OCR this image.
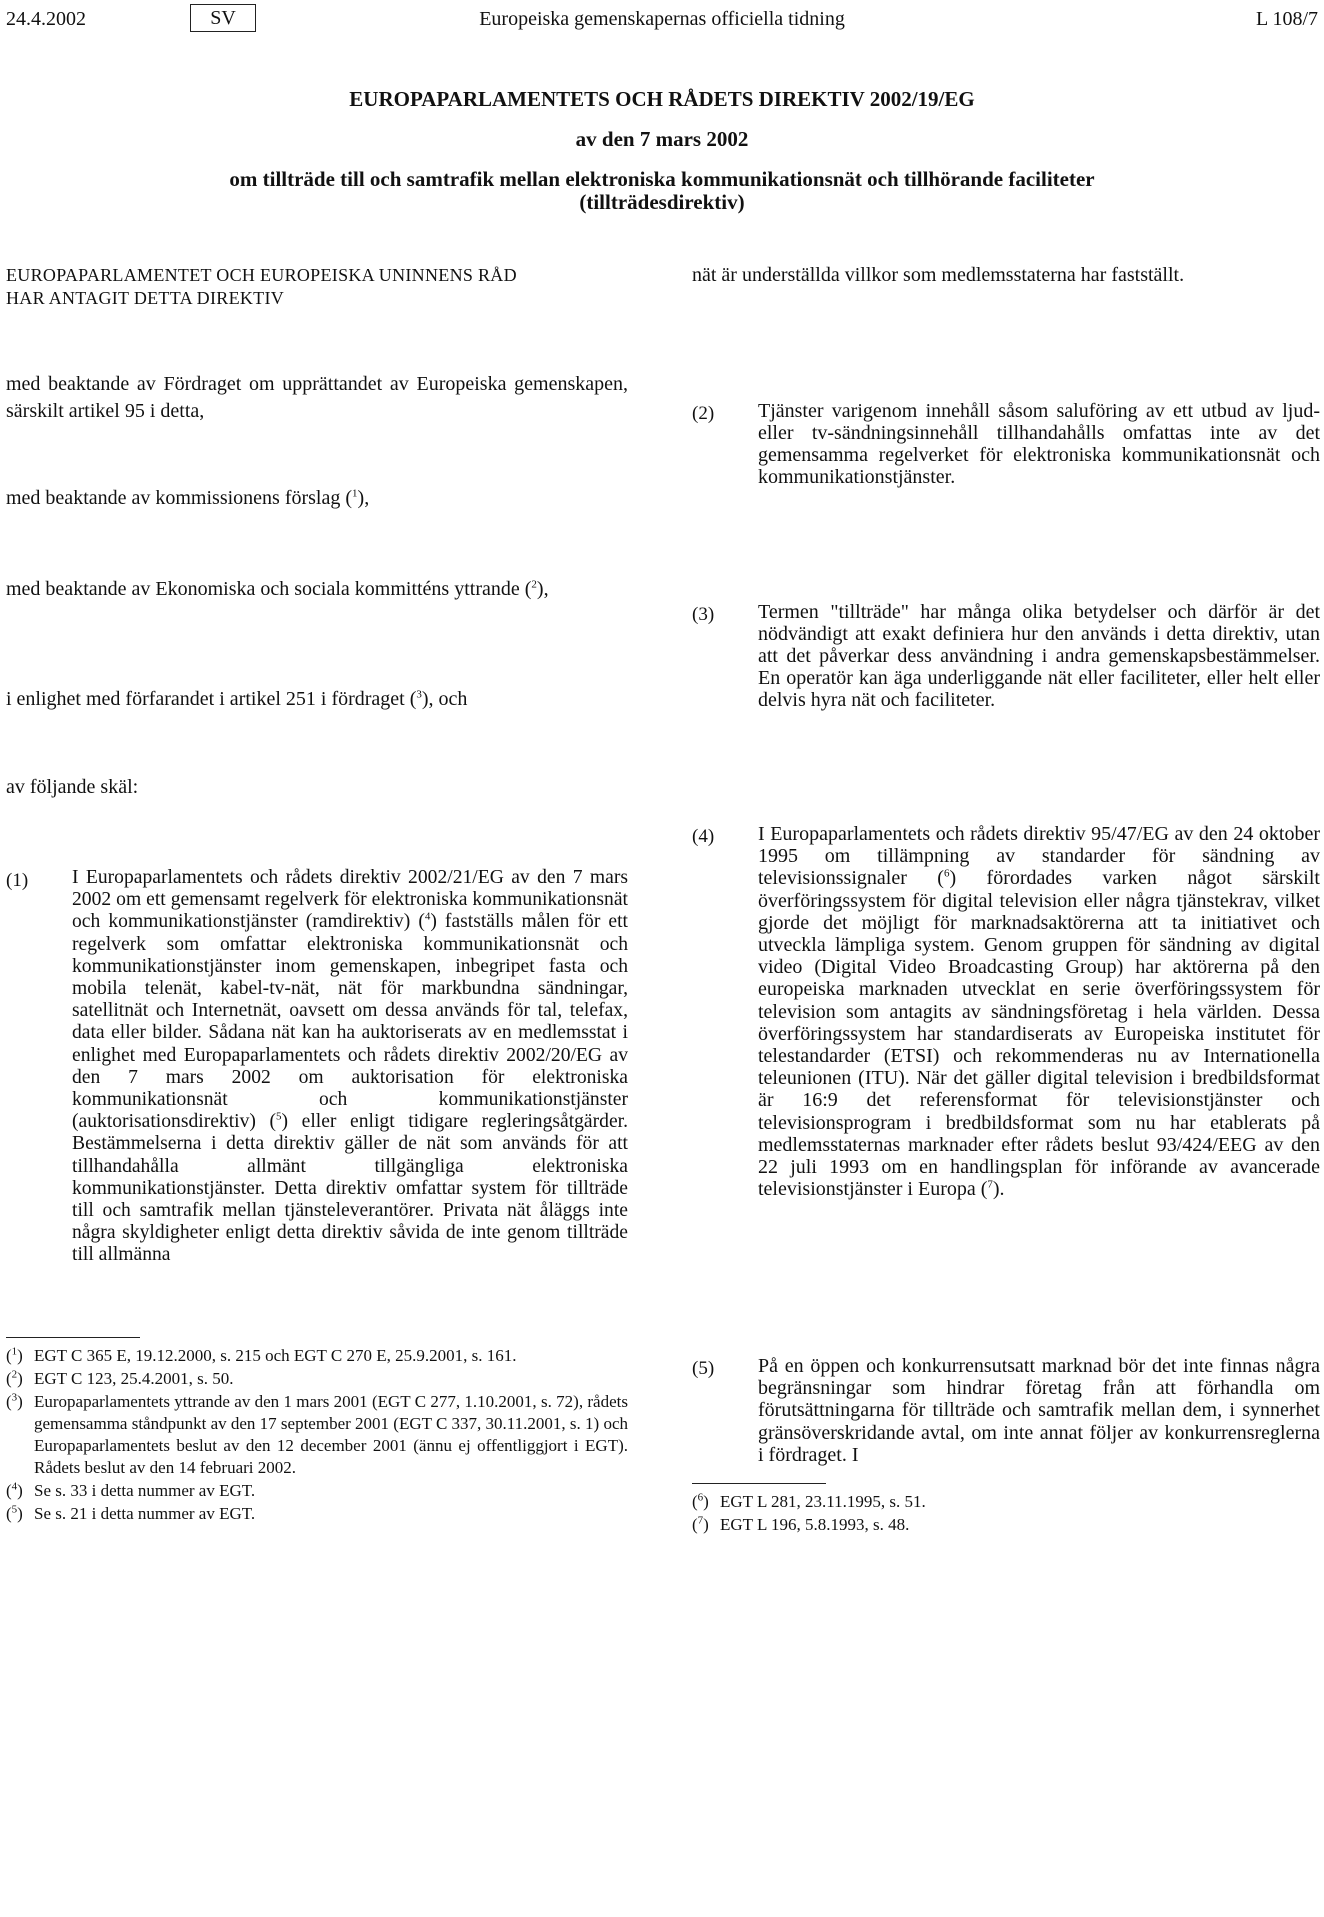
24.4.2002	SV	Europeiska gemenskapernas officiella tidning	L 108/7
EUROPAPARLAMENTETS OCH RÅDETS DIREKTIV 2002/19/EG
av den 7 mars 2002
om tillträde till och samtrafik mellan elektroniska kommunikationsnät och tillhörande faciliteter
(tillträdesdirektiv)
EUROPAPARLAMENTET OCH EUROPEISKA UNINNENS RÅD
HAR ANTAGIT DETTA DIREKTIV
med beaktande av Fördraget om upprättandet av Europeiska gemenskapen, särskilt artikel 95 i detta,
med beaktande av kommissionens förslag ($^1$),
med beaktande av Ekonomiska och sociala kommitténs yttrande ($^2$),
i enlighet med förfarandet i artikel 251 i fördraget ($^3$), och
av följande skäl:
(1)	I Europaparlamentets och rådets direktiv 2002/21/EG av den 7 mars 2002 om ett gemensamt regelverk för elektroniska kommunikationsnät och kommunikationstjänster (ramdirektiv) ($^4$) fastställs målen för ett regelverk som omfattar elektroniska kommunikationsnät och kommunikationstjänster inom gemenskapen, inbegripet fasta och mobila telenät, kabel-tv-nät, nät för markbundna sändningar, satellitnät och Internetnät, oavsett om dessa används för tal, telefax, data eller bilder. Sådana nät kan ha auktoriserats av en medlemsstat i enlighet med Europaparlamentets och rådets direktiv 2002/20/EG av den 7 mars 2002 om auktorisation för elektroniska kommunikationsnät och kommunikationstjänster (auktorisationsdirektiv) ($^5$) eller enligt tidigare regleringsåtgärder. Bestämmelserna i detta direktiv gäller de nät som används för att tillhandahålla allmänt tillgängliga elektroniska kommunikationstjänster. Detta direktiv omfattar system för tillträde till och samtrafik mellan tjänsteleverantörer. Privata nät åläggs inte några skyldigheter enligt detta direktiv såvida de inte genom tillträde till allmänna
nät är underställda villkor som medlemsstaterna har fastställt.
(2)	Tjänster varigenom innehåll såsom saluföring av ett utbud av ljud- eller tv-sändningsinnehåll tillhandahålls omfattas inte av det gemensamma regelverket för elektroniska kommunikationsnät och kommunikationstjänster.
(3)	Termen "tillträde" har många olika betydelser och därför är det nödvändigt att exakt definiera hur den används i detta direktiv, utan att det påverkar dess användning i andra gemenskapsbestämmelser. En operatör kan äga underliggande nät eller faciliteter, eller helt eller delvis hyra nät och faciliteter.
(4)	I Europaparlamentets och rådets direktiv 95/47/EG av den 24 oktober 1995 om tillämpning av standarder för sändning av televisionssignaler ($^6$) förordades varken något särskilt överföringssystem för digital television eller några tjänstekrav, vilket gjorde det möjligt för marknadsaktörerna att ta initiativet och utveckla lämpliga system. Genom gruppen för sändning av digital video (Digital Video Broadcasting Group) har aktörerna på den europeiska marknaden utvecklat en serie överföringssystem för television som antagits av sändningsföretag i hela världen. Dessa överföringssystem har standardiserats av Europeiska institutet för telestandarder (ETSI) och rekommenderas nu av Internationella teleunionen (ITU). När det gäller digital television i bredbildsformat är 16:9 det referensformat för televisionstjänster och televisionsprogram i bredbildsformat som nu har etablerats på medlemsstaternas marknader efter rådets beslut 93/424/EEG av den 22 juli 1993 om en handlingsplan för införande av avancerade televisionstjänster i Europa ($^7$).
(5)	På en öppen och konkurrensutsatt marknad bör det inte finnas några begränsningar som hindrar företag från att förhandla om förutsättningarna för tillträde och samtrafik mellan dem, i synnerhet gränsöverskridande avtal, om inte annat följer av konkurrensreglerna i fördraget. I
($^1$) EGT C 365 E, 19.12.2000, s. 215 och EGT C 270 E, 25.9.2001, s. 161.
($^2$) EGT C 123, 25.4.2001, s. 50.
($^3$) Europaparlamentets yttrande av den 1 mars 2001 (EGT C 277, 1.10.2001, s. 72), rådets gemensamma ståndpunkt av den 17 september 2001 (EGT C 337, 30.11.2001, s. 1) och Europaparlamentets beslut av den 12 december 2001 (ännu ej offentliggjort i EGT). Rådets beslut av den 14 februari 2002.
($^4$) Se s. 33 i detta nummer av EGT.
($^5$) Se s. 21 i detta nummer av EGT.
($^6$) EGT L 281, 23.11.1995, s. 51.
($^7$) EGT L 196, 5.8.1993, s. 48.
